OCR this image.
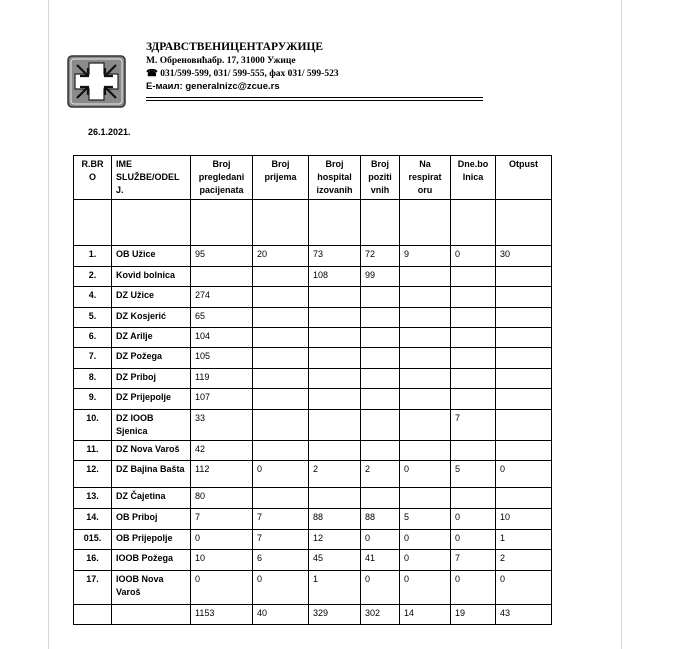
ЗДРАВСТВЕНИЦЕНТАРУЖИЦЕ
М. Обреновићабр. 17, 31000 Ужице
☎ 031/599-599, 031/ 599-555, фах 031/ 599-523
Е-маил: generalnizc@zcue.rs
26.1.2021.
R.BR O	IME SLUŽBE/ODEL J.	Broj pregledani pacijenata	Broj prijema	Broj hospital izovanih	Broj poziti vnih	Na respirat oru	Dne.bo lnica	Otpust

1.	OB Užice	95	20	73	72	9	0	30
2.	Kovid bolnica			108	99			
4.	DZ Užice	274						
5.	DZ Kosjerić	65						
6.	DZ Arilje	104						
7.	DZ Požega	105						
8.	DZ Priboj	119						
9.	DZ Prijepolje	107						
10.	DZ IOOB Sjenica	33					7	
11.	DZ Nova Varoš	42						
12.	DZ Bajina Bašta	112	0	2	2	0	5	0
13.	DZ Čajetina	80						
14.	OB Priboj	7	7	88	88	5	0	10
015.	OB Prijepolje	0	7	12	0	0	0	1
16.	IOOB Požega	10	6	45	41	0	7	2
17.	IOOB Nova Varoš	0	0	1	0	0	0	0
		1153	40	329	302	14	19	43
